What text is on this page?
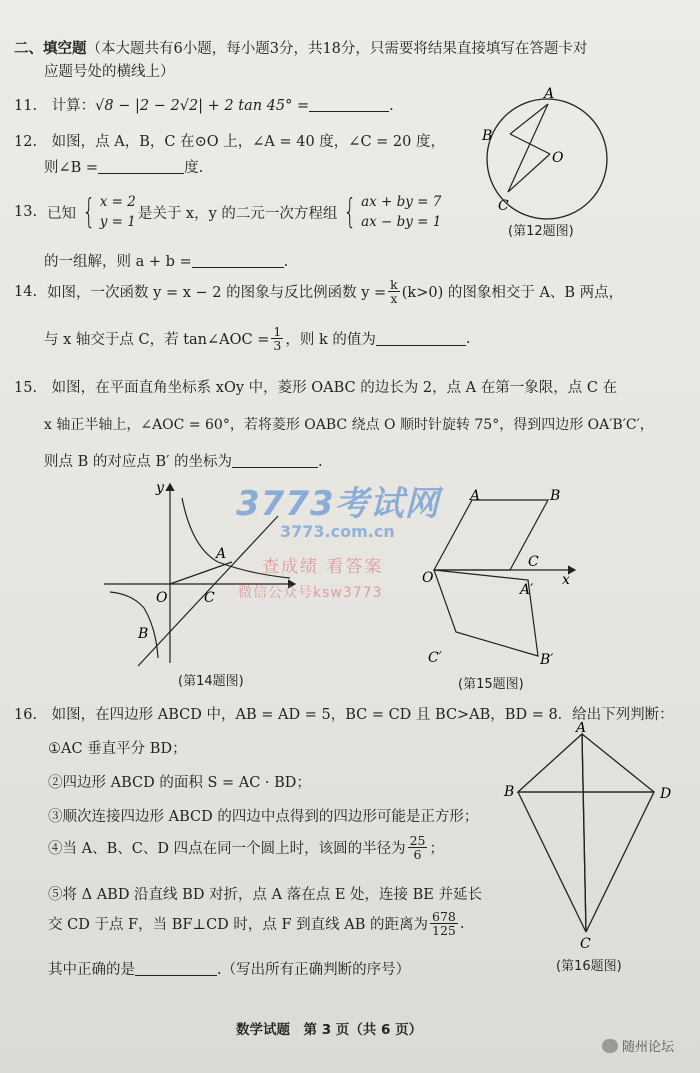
二、填空题（本大题共有6小题，每小题3分，共18分，只需要将结果直接填写在答题卡对
应题号处的横线上）
11. 计算：√8 − |2 − 2√2| + 2 tan 45° =	.
12. 如图，点 A，B，C 在⊙O 上，∠A = 40 度，∠C = 20 度，
则∠B =	度.
A
B
C
O
(第12题图)
13. 已知 { x = 2
y = 1
是关于 x，y 的二元一次方程组 { ax + by = 7
ax − by = 1
的一组解，则 a + b =	.
14. 如图，一次函数 y = x − 2 的图象与反比例函数 $y = \frac{k}{x} (k>0)$ 的图象相交于 A、B 两点，
与 x 轴交于点 C，若 tan∠AOC = $\frac{1}{3}$ ，则 k 的值为	.
15. 如图，在平面直角坐标系 xOy 中，菱形 OABC 的边长为 2，点 A 在第一象限，点 C 在
x 轴正半轴上，∠AOC = 60°，若将菱形 OABC 绕点 O 顺时针旋转 75°，得到四边形 OA′B′C′，
则点 B 的对应点 B′ 的坐标为	.
y
O
A
C
B
(第14题图)
A	B
O
C
x
A′
B′
C′
(第15题图)
3773考试网
3773.com.cn
查成绩 看答案
微信公众号ksw3773
16. 如图，在四边形 ABCD 中，AB = AD = 5，BC = CD 且 BC>AB，BD = 8．给出下列判断：
①AC 垂直平分 BD；
②四边形 ABCD 的面积 S = AC · BD；
③顺次连接四边形 ABCD 的四边中点得到的四边形可能是正方形；
④当 A、B、C、D 四点在同一个圆上时，该圆的半径为 $\frac{25}{6}$ ；
⑤将 Δ ABD 沿直线 BD 对折，点 A 落在点 E 处，连接 BE 并延长
交 CD 于点 F，当 BF⊥CD 时，点 F 到直线 AB 的距离为 $\frac{678}{125}$ .
其中正确的是	.（写出所有正确判断的序号）
A
B	D
C
(第16题图)
数学试题　第 3 页（共 6 页）
随州论坛
